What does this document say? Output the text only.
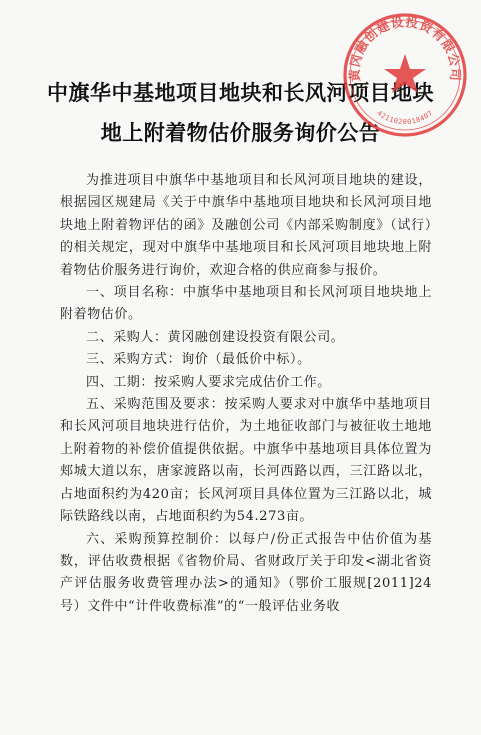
中旗华中基地项目地块和长风河项目地块
地上附着物估价服务询价公告

为推进项目中旗华中基地项目和长风河项目地块的建设，根据园区规建局《关于中旗华中基地项目地块和长风河项目地块地上附着物评估的函》及融创公司《内部采购制度》（试行）的相关规定，现对中旗华中基地项目和长风河项目地块地上附着物估价服务进行询价，欢迎合格的供应商参与报价。

一、项目名称：中旗华中基地项目和长风河项目地块地上附着物估价。

二、采购人：黄冈融创建设投资有限公司。

三、采购方式：询价（最低价中标）。

四、工期：按采购人要求完成估价工作。

五、采购范围及要求：按采购人要求对中旗华中基地项目和长风河项目地块进行估价，为土地征收部门与被征收土地地上附着物的补偿价值提供依据。中旗华中基地项目具体位置为郏城大道以东，唐家渡路以南，长河西路以西，三江路以北，占地面积约为420亩；长风河项目具体位置为三江路以北，城际铁路线以南，占地面积约为54.273亩。

六、采购预算控制价：以每户/份正式报告中估价值为基数，评估收费根据《省物价局、省财政厅关于印发<湖北省资产评估服务收费管理办法>的通知》（鄂价工服规[2011]24号）文件中“计件收费标准”的“一般评估业务收

黄冈融创建设投资有限公司
4211020018407
